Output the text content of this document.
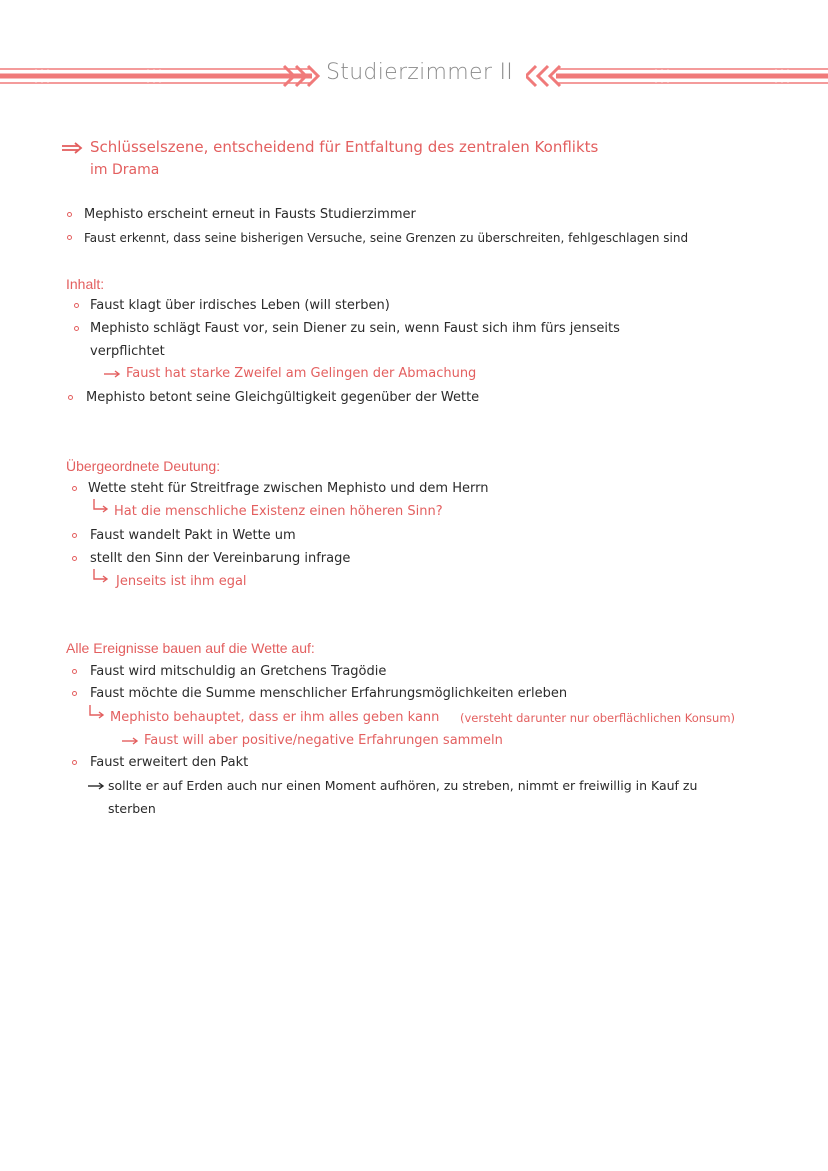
Studierzimmer II
Schlüsselszene, entscheidend für Entfaltung des zentralen Konflikts
im Drama
Mephisto erscheint erneut in Fausts Studierzimmer
Faust erkennt, dass seine bisherigen Versuche, seine Grenzen zu überschreiten, fehlgeschlagen sind
Inhalt:
Faust klagt über irdisches Leben (will sterben)
Mephisto schlägt Faust vor, sein Diener zu sein, wenn Faust sich ihm fürs jenseits
verpflichtet
Faust hat starke Zweifel am Gelingen der Abmachung
Mephisto betont seine Gleichgültigkeit gegenüber der Wette
Übergeordnete Deutung:
Wette steht für Streitfrage zwischen Mephisto und dem Herrn
Hat die menschliche Existenz einen höheren Sinn?
Faust wandelt Pakt in Wette um
stellt den Sinn der Vereinbarung infrage
Jenseits ist ihm egal
Alle Ereignisse bauen auf die Wette auf:
Faust wird mitschuldig an Gretchens Tragödie
Faust möchte die Summe menschlicher Erfahrungsmöglichkeiten erleben
Mephisto behauptet, dass er ihm alles geben kann (versteht darunter nur oberflächlichen Konsum)
Faust will aber positive/negative Erfahrungen sammeln
Faust erweitert den Pakt
sollte er auf Erden auch nur einen Moment aufhören, zu streben, nimmt er freiwillig in Kauf zu
sterben
